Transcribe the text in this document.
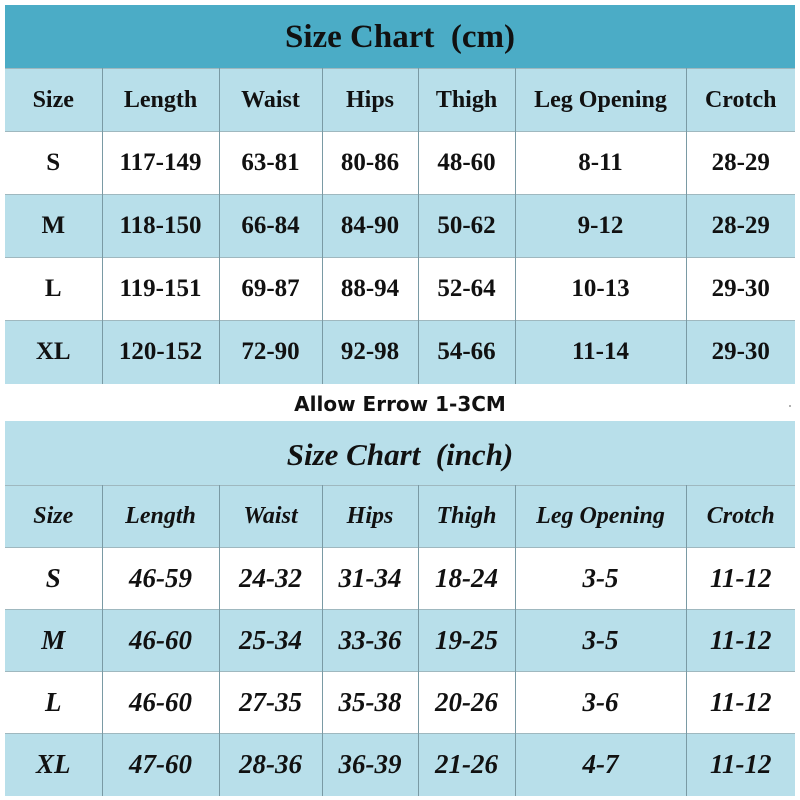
Size Chart  (cm)
Size	Length	Waist	Hips	Thigh	Leg Opening	Crotch
S	117-149	63-81	80-86	48-60	8-11	28-29
M	118-150	66-84	84-90	50-62	9-12	28-29
L	119-151	69-87	88-94	52-64	10-13	29-30
XL	120-152	72-90	92-98	54-66	11-14	29-30
Allow Errow 1-3CM
Size Chart  (inch)
Size	Length	Waist	Hips	Thigh	Leg Opening	Crotch
S	46-59	24-32	31-34	18-24	3-5	11-12
M	46-60	25-34	33-36	19-25	3-5	11-12
L	46-60	27-35	35-38	20-26	3-6	11-12
XL	47-60	28-36	36-39	21-26	4-7	11-12
